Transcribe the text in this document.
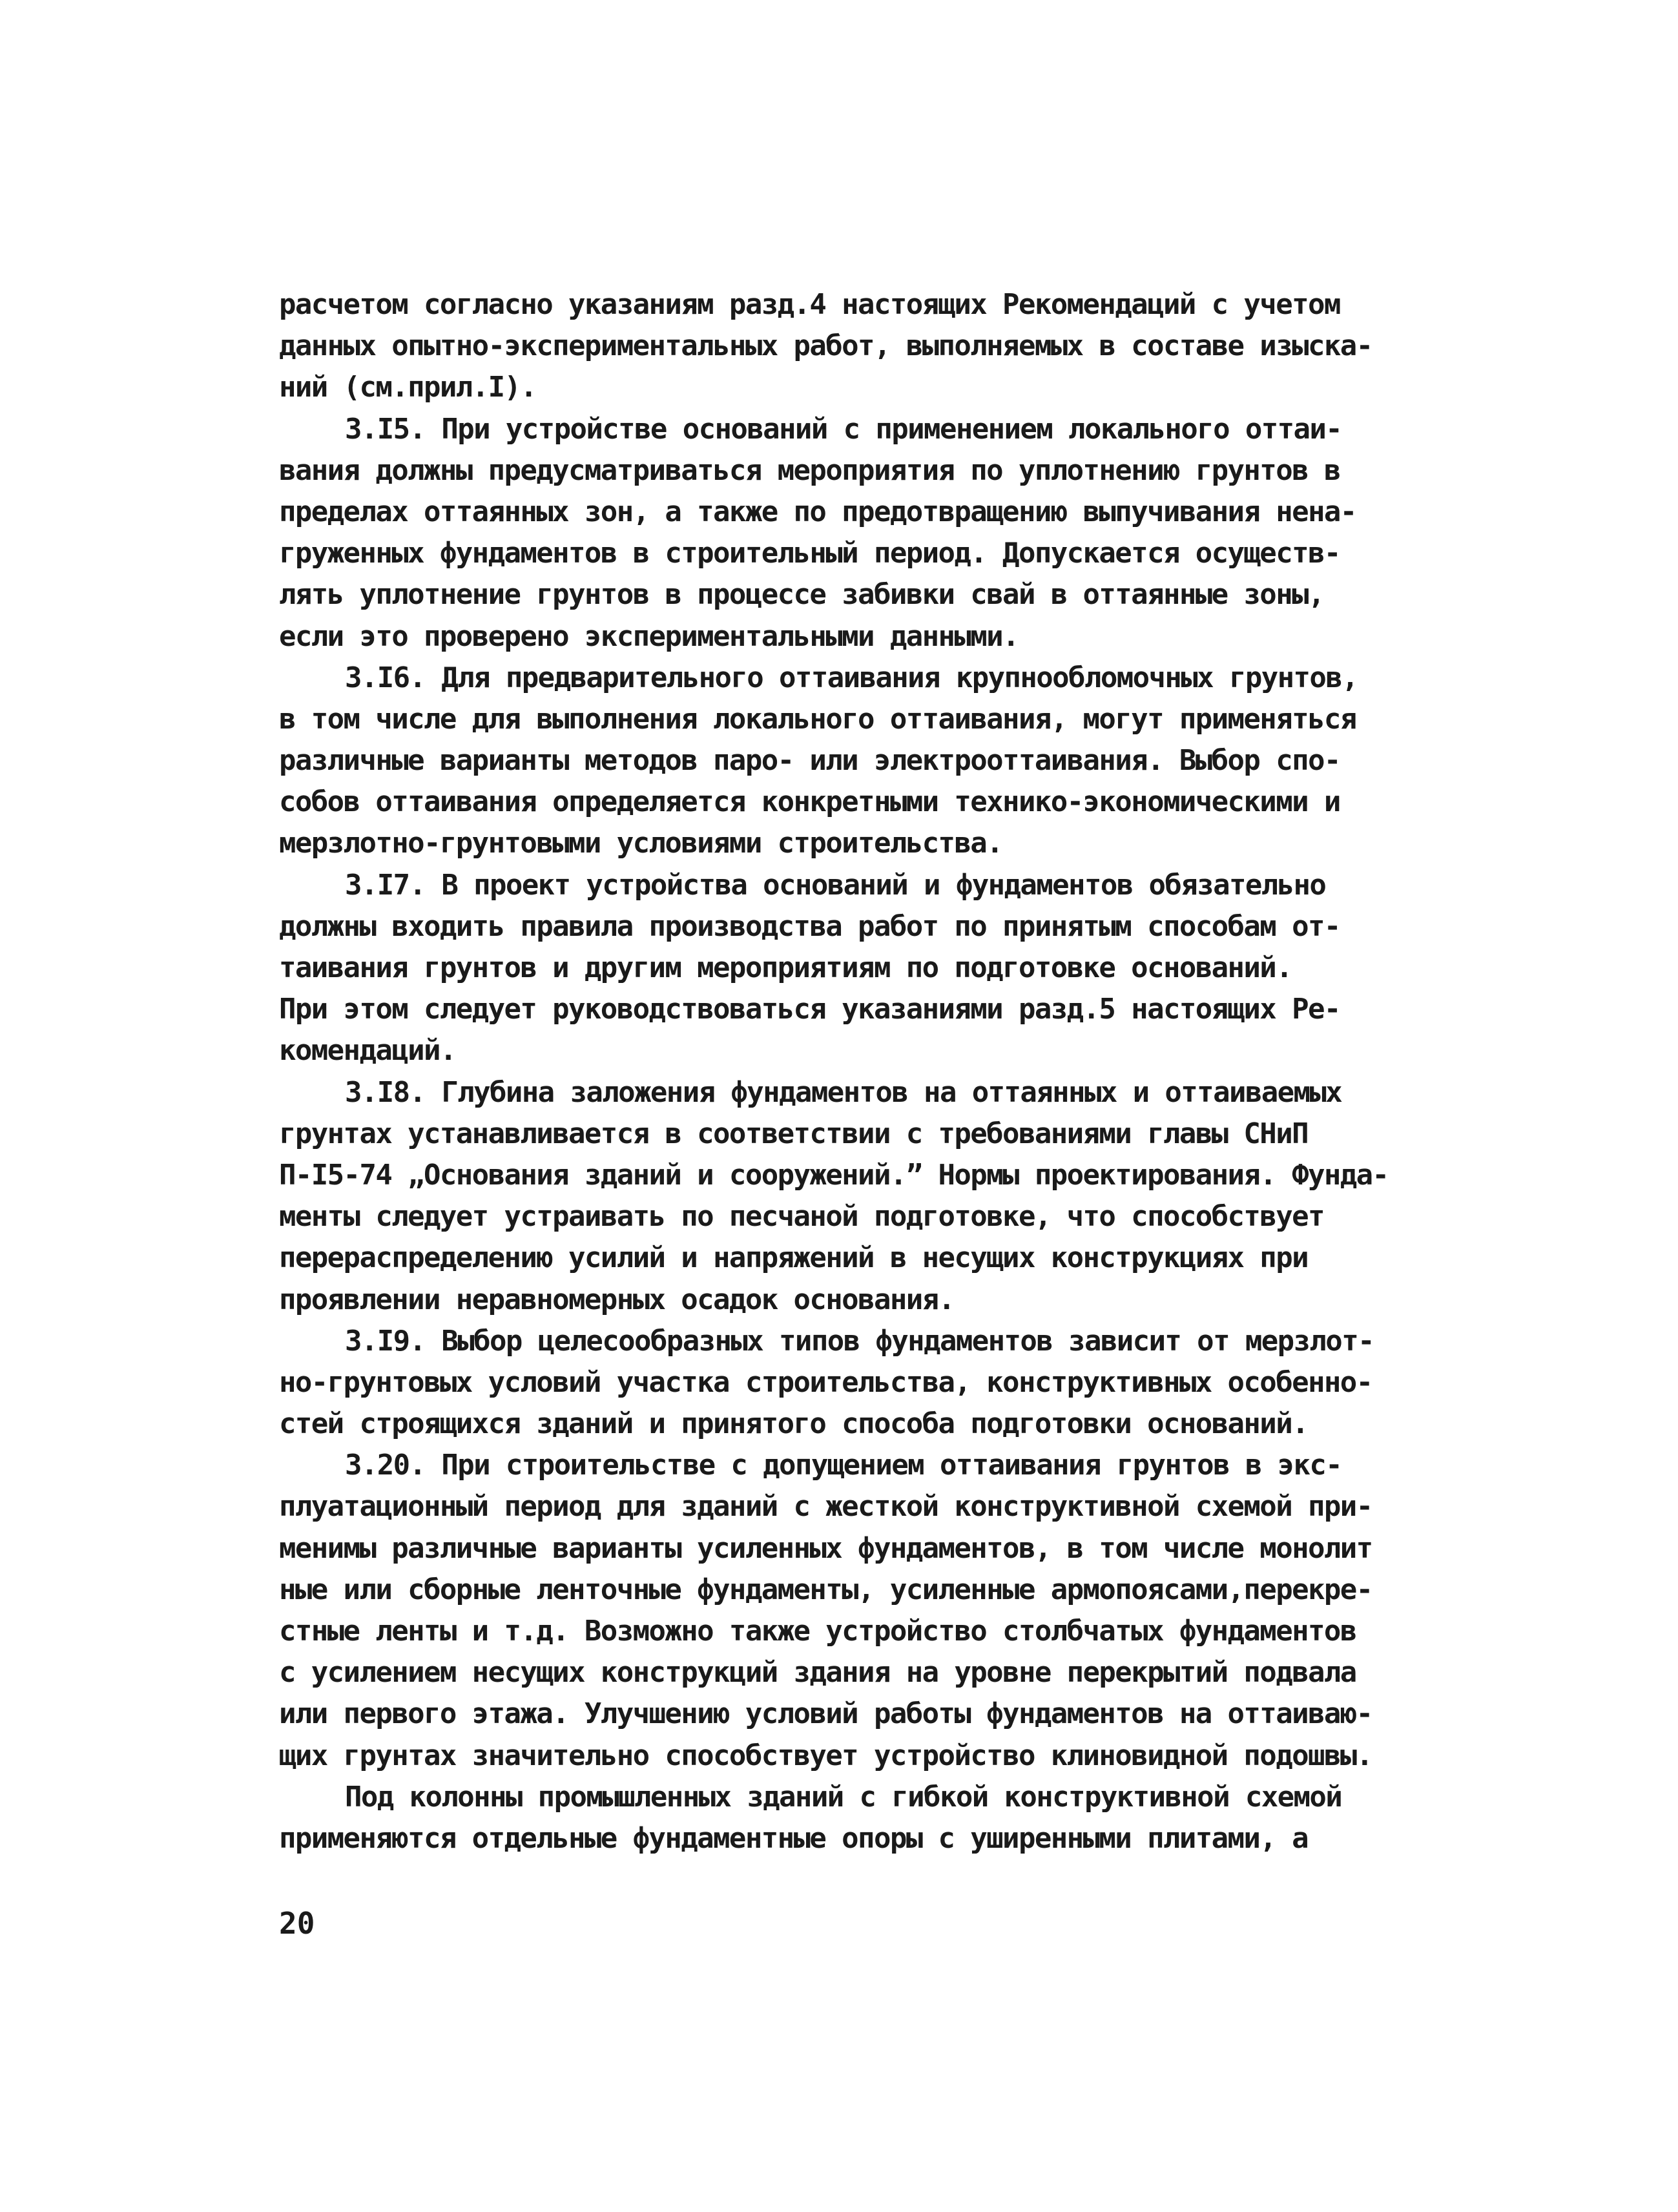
расчетом согласно указаниям разд.4 настоящих Рекомендаций с учетом
данных опытно-экспериментальных работ, выполняемых в составе изыска-
ний (см.прил.I).
3.I5. При устройстве оснований с применением локального оттаи-
вания должны предусматриваться мероприятия по уплотнению грунтов в
пределах оттаянных зон, а также по предотвращению выпучивания нена-
груженных фундаментов в строительный период. Допускается осуществ-
лять уплотнение грунтов в процессе забивки свай в оттаянные зоны,
если это проверено экспериментальными данными.
3.I6. Для предварительного оттаивания крупнообломочных грунтов,
в том числе для выполнения локального оттаивания, могут применяться
различные варианты методов паро- или электрооттаивания. Выбор спо-
собов оттаивания определяется конкретными технико-экономическими и
мерзлотно-грунтовыми условиями строительства.
3.I7. В проект устройства оснований и фундаментов обязательно
должны входить правила производства работ по принятым способам от-
таивания грунтов и другим мероприятиям по подготовке оснований.
При этом следует руководствоваться указаниями разд.5 настоящих Ре-
комендаций.
3.I8. Глубина заложения фундаментов на оттаянных и оттаиваемых
грунтах устанавливается в соответствии с требованиями главы СНиП
П-I5-74 „Основания зданий и сооружений.” Нормы проектирования. Фунда-
менты следует устраивать по песчаной подготовке, что способствует
перераспределению усилий и напряжений в несущих конструкциях при
проявлении неравномерных осадок основания.
3.I9. Выбор целесообразных типов фундаментов зависит от мерзлот-
но-грунтовых условий участка строительства, конструктивных особенно-
стей строящихся зданий и принятого способа подготовки оснований.
3.20. При строительстве с допущением оттаивания грунтов в экс-
плуатационный период для зданий с жесткой конструктивной схемой при-
менимы различные варианты усиленных фундаментов, в том числе монолит
ные или сборные ленточные фундаменты, усиленные армопоясами,перекре-
стные ленты и т.д. Возможно также устройство столбчатых фундаментов
с усилением несущих конструкций здания на уровне перекрытий подвала
или первого этажа. Улучшению условий работы фундаментов на оттаиваю-
щих грунтах значительно способствует устройство клиновидной подошвы.
Под колонны промышленных зданий с гибкой конструктивной схемой
применяются отдельные фундаментные опоры с уширенными плитами, а
20
